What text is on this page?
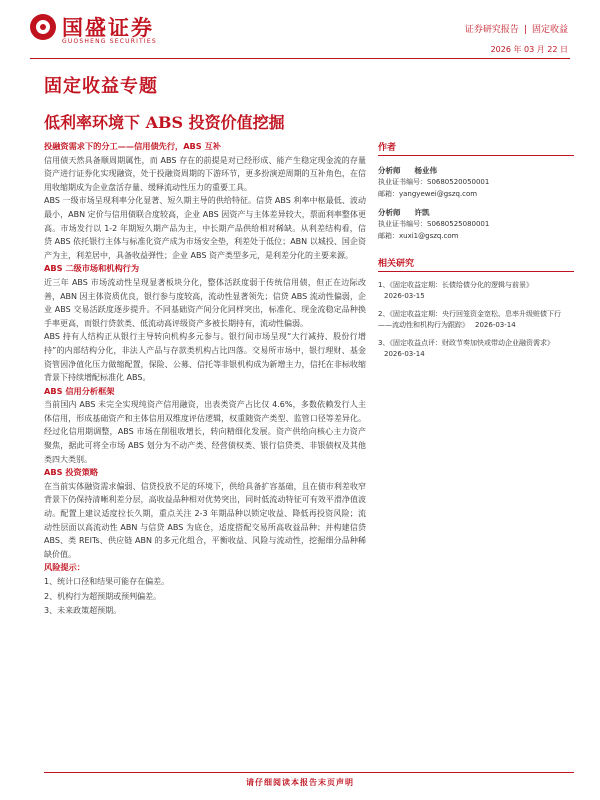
国盛证券
GUOSHENG SECURITIES
证券研究报告 | 固定收益
2026 年 03 月 22 日
固定收益专题
低利率环境下 ABS 投资价值挖掘
投融资需求下的分工——信用债先行，ABS 互补
信用债天然具备顺周期属性，而 ABS 存在的前提是对已经形成、能产生稳定现金流的存量资产进行证券化实现融资，处于投融资周期的下游环节，更多扮演逆周期的互补角色，在信用收缩期成为企业盘活存量、缓释流动性压力的重要工具。
ABS 一级市场呈现利率分化显著、短久期主导的供给特征。信贷 ABS 利率中枢最低、波动最小，ABN 定价与信用债联合度较高，企业 ABS 因资产与主体差异较大，票面利率整体更高。市场发行以 1-2 年期短久期产品为主，中长期产品供给相对稀缺。从利差结构看，信贷 ABS 依托银行主体与标准化资产成为市场安全垫，利差处于低位；ABN 以城投、国企资产为主，利差居中，具备收益弹性；企业 ABS 资产类型多元，是利差分化的主要来源。
ABS 二级市场和机构行为
近三年 ABS 市场流动性呈现显著板块分化，整体活跃度弱于传统信用债，但正在边际改善，ABN 因主体资质优良，银行参与度较高，流动性显著领先；信贷 ABS 流动性偏弱，企业 ABS 交易活跃度逐步提升。不同基础资产间分化同样突出，标准化、现金流稳定品种换手率更高，而银行贷款类、低流动高评级资产多被长期持有，流动性偏弱。
ABS 持有人结构正从银行主导转向机构多元参与。银行间市场呈现“大行减持、股份行增持”的内部结构分化，非法人产品与存款类机构占比四落。交易所市场中，银行理财、基金资管因净值化压力做缩配置，保险、公募、信托等非银机构成为新增主力，信托在非标收缩背景下持续增配标准化 ABS。
ABS 信用分析框架
当前国内 ABS 未完全实现纯资产信用融资，出表类资产占比仅 4.6%，多数依赖发行人主体信用，形成基础资产和主体信用双维度评估逻辑，权重随资产类型、监管口径等差异化。经过化信用期调整，ABS 市场在削租收增长，转向精细化发展。资产供给向核心主力资产聚焦，据此可将全市场 ABS 划分为不动产类、经营债权类、银行信贷类、非银债权及其他类四大类别。
ABS 投资策略
在当前实体融资需求偏弱、信贷投放不足的环境下，供给具备扩容基础，且在债市利差收窄背景下仍保持清晰利差分层，高收益品种相对优势突出，同时低流动特征可有效平滑净值波动。配置上建议适度拉长久期，重点关注 2-3 年期品种以锁定收益、降低再投资风险；流动性层面以高流动性 ABN 与信贷 ABS 为底仓，适度搭配交易所高收益品种；并构建信贷 ABS、类 REITs、供应链 ABN 的多元化组合，平衡收益、风险与流动性，挖掘细分品种稀缺价值。
风险提示：
1、统计口径和结果可能存在偏差。
2、机构行为超预期或预判偏差。
3、未来政策超预期。
作者
分析师 杨业伟
执业证书编号：S0680520050001
邮箱：yangyewei@gszq.com
分析师 许凯
执业证书编号：S0680525080001
邮箱：xuxi1@gszq.com
相关研究
1、《固定收益定期：长债给债分化的逻辑与前景》
2026-03-15
2、《固定收益定期：央行回笼资金宽松、息率升级赃债下行——流动性和机构行为跟踪》 2026-03-14
3、《固定收益点评：财政节奏加快或带动企业融资需求》
2026-03-14
请仔细阅读本报告末页声明
